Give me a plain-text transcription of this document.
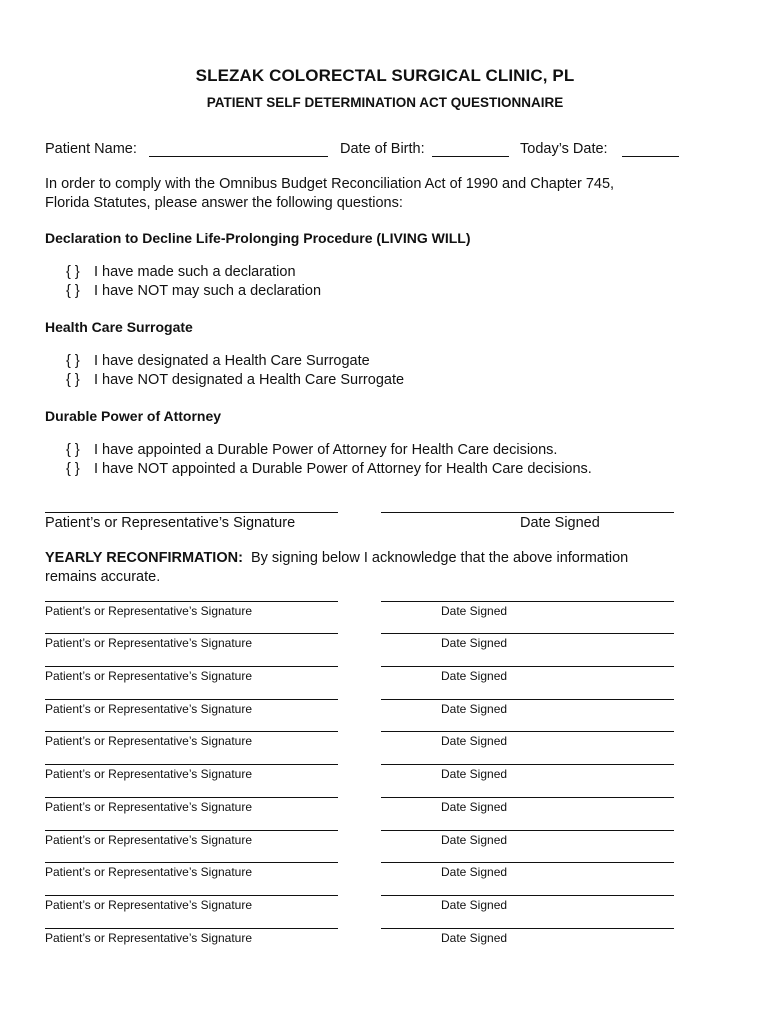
SLEZAK COLORECTAL SURGICAL CLINIC, PL
PATIENT SELF DETERMINATION ACT QUESTIONNAIRE
Patient Name:	Date of Birth:	Today’s Date:
In order to comply with the Omnibus Budget Reconciliation Act of 1990 and Chapter 745,
Florida Statutes, please answer the following questions:
Declaration to Decline Life-Prolonging Procedure (LIVING WILL)
{ } I have made such a declaration
{ } I have NOT may such a declaration
Health Care Surrogate
{ } I have designated a Health Care Surrogate
{ } I have NOT designated a Health Care Surrogate
Durable Power of Attorney
{ } I have appointed a Durable Power of Attorney for Health Care decisions.
{ } I have NOT appointed a Durable Power of Attorney for Health Care decisions.
Patient’s or Representative’s Signature	Date Signed
YEARLY RECONFIRMATION: By signing below I acknowledge that the above information
remains accurate.
Patient’s or Representative’s Signature	Date Signed
Patient’s or Representative’s Signature	Date Signed
Patient’s or Representative’s Signature	Date Signed
Patient’s or Representative’s Signature	Date Signed
Patient’s or Representative’s Signature	Date Signed
Patient’s or Representative’s Signature	Date Signed
Patient’s or Representative’s Signature	Date Signed
Patient’s or Representative’s Signature	Date Signed
Patient’s or Representative’s Signature	Date Signed
Patient’s or Representative’s Signature	Date Signed
Patient’s or Representative’s Signature	Date Signed
